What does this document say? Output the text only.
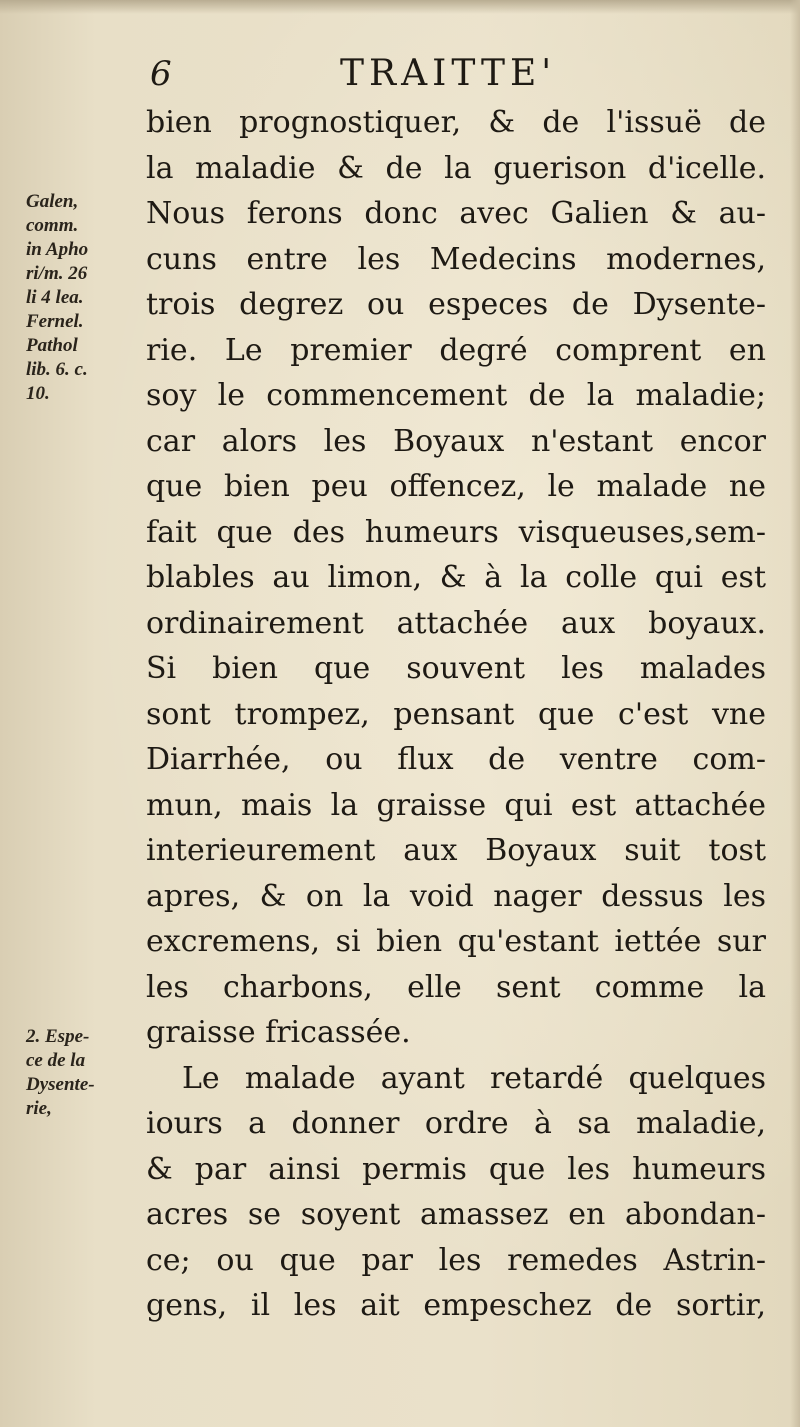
6	TRAITTE'
Galen,
comm.
in Apho
ri/m. 26
li 4 lea.
Fernel.
Pathol
lib. 6. c.
10.
2. Espe-
ce de la
Dysente-
rie,
bien prognostiquer, & de l'issuë de
la maladie & de la guerison d'icelle.
Nous ferons donc avec Galien & au-
cuns entre les Medecins modernes,
trois degrez ou especes de Dysente-
rie. Le premier degré comprent en
soy le commencement de la maladie;
car alors les Boyaux n'estant encor
que bien peu offencez, le malade ne
fait que des humeurs visqueuses,sem-
blables au limon, & à la colle qui est
ordinairement attachée aux boyaux.
Si bien que souvent les malades
sont trompez, pensant que c'est vne
Diarrhée, ou flux de ventre com-
mun, mais la graisse qui est attachée
interieurement aux Boyaux suit tost
apres, & on la void nager dessus les
excremens, si bien qu'estant iettée sur
les charbons, elle sent comme la
graisse fricassée.
Le malade ayant retardé quelques
iours a donner ordre à sa maladie,
& par ainsi permis que les humeurs
acres se soyent amassez en abondan-
ce; ou que par les remedes Astrin-
gens, il les ait empeschez de sortir,
